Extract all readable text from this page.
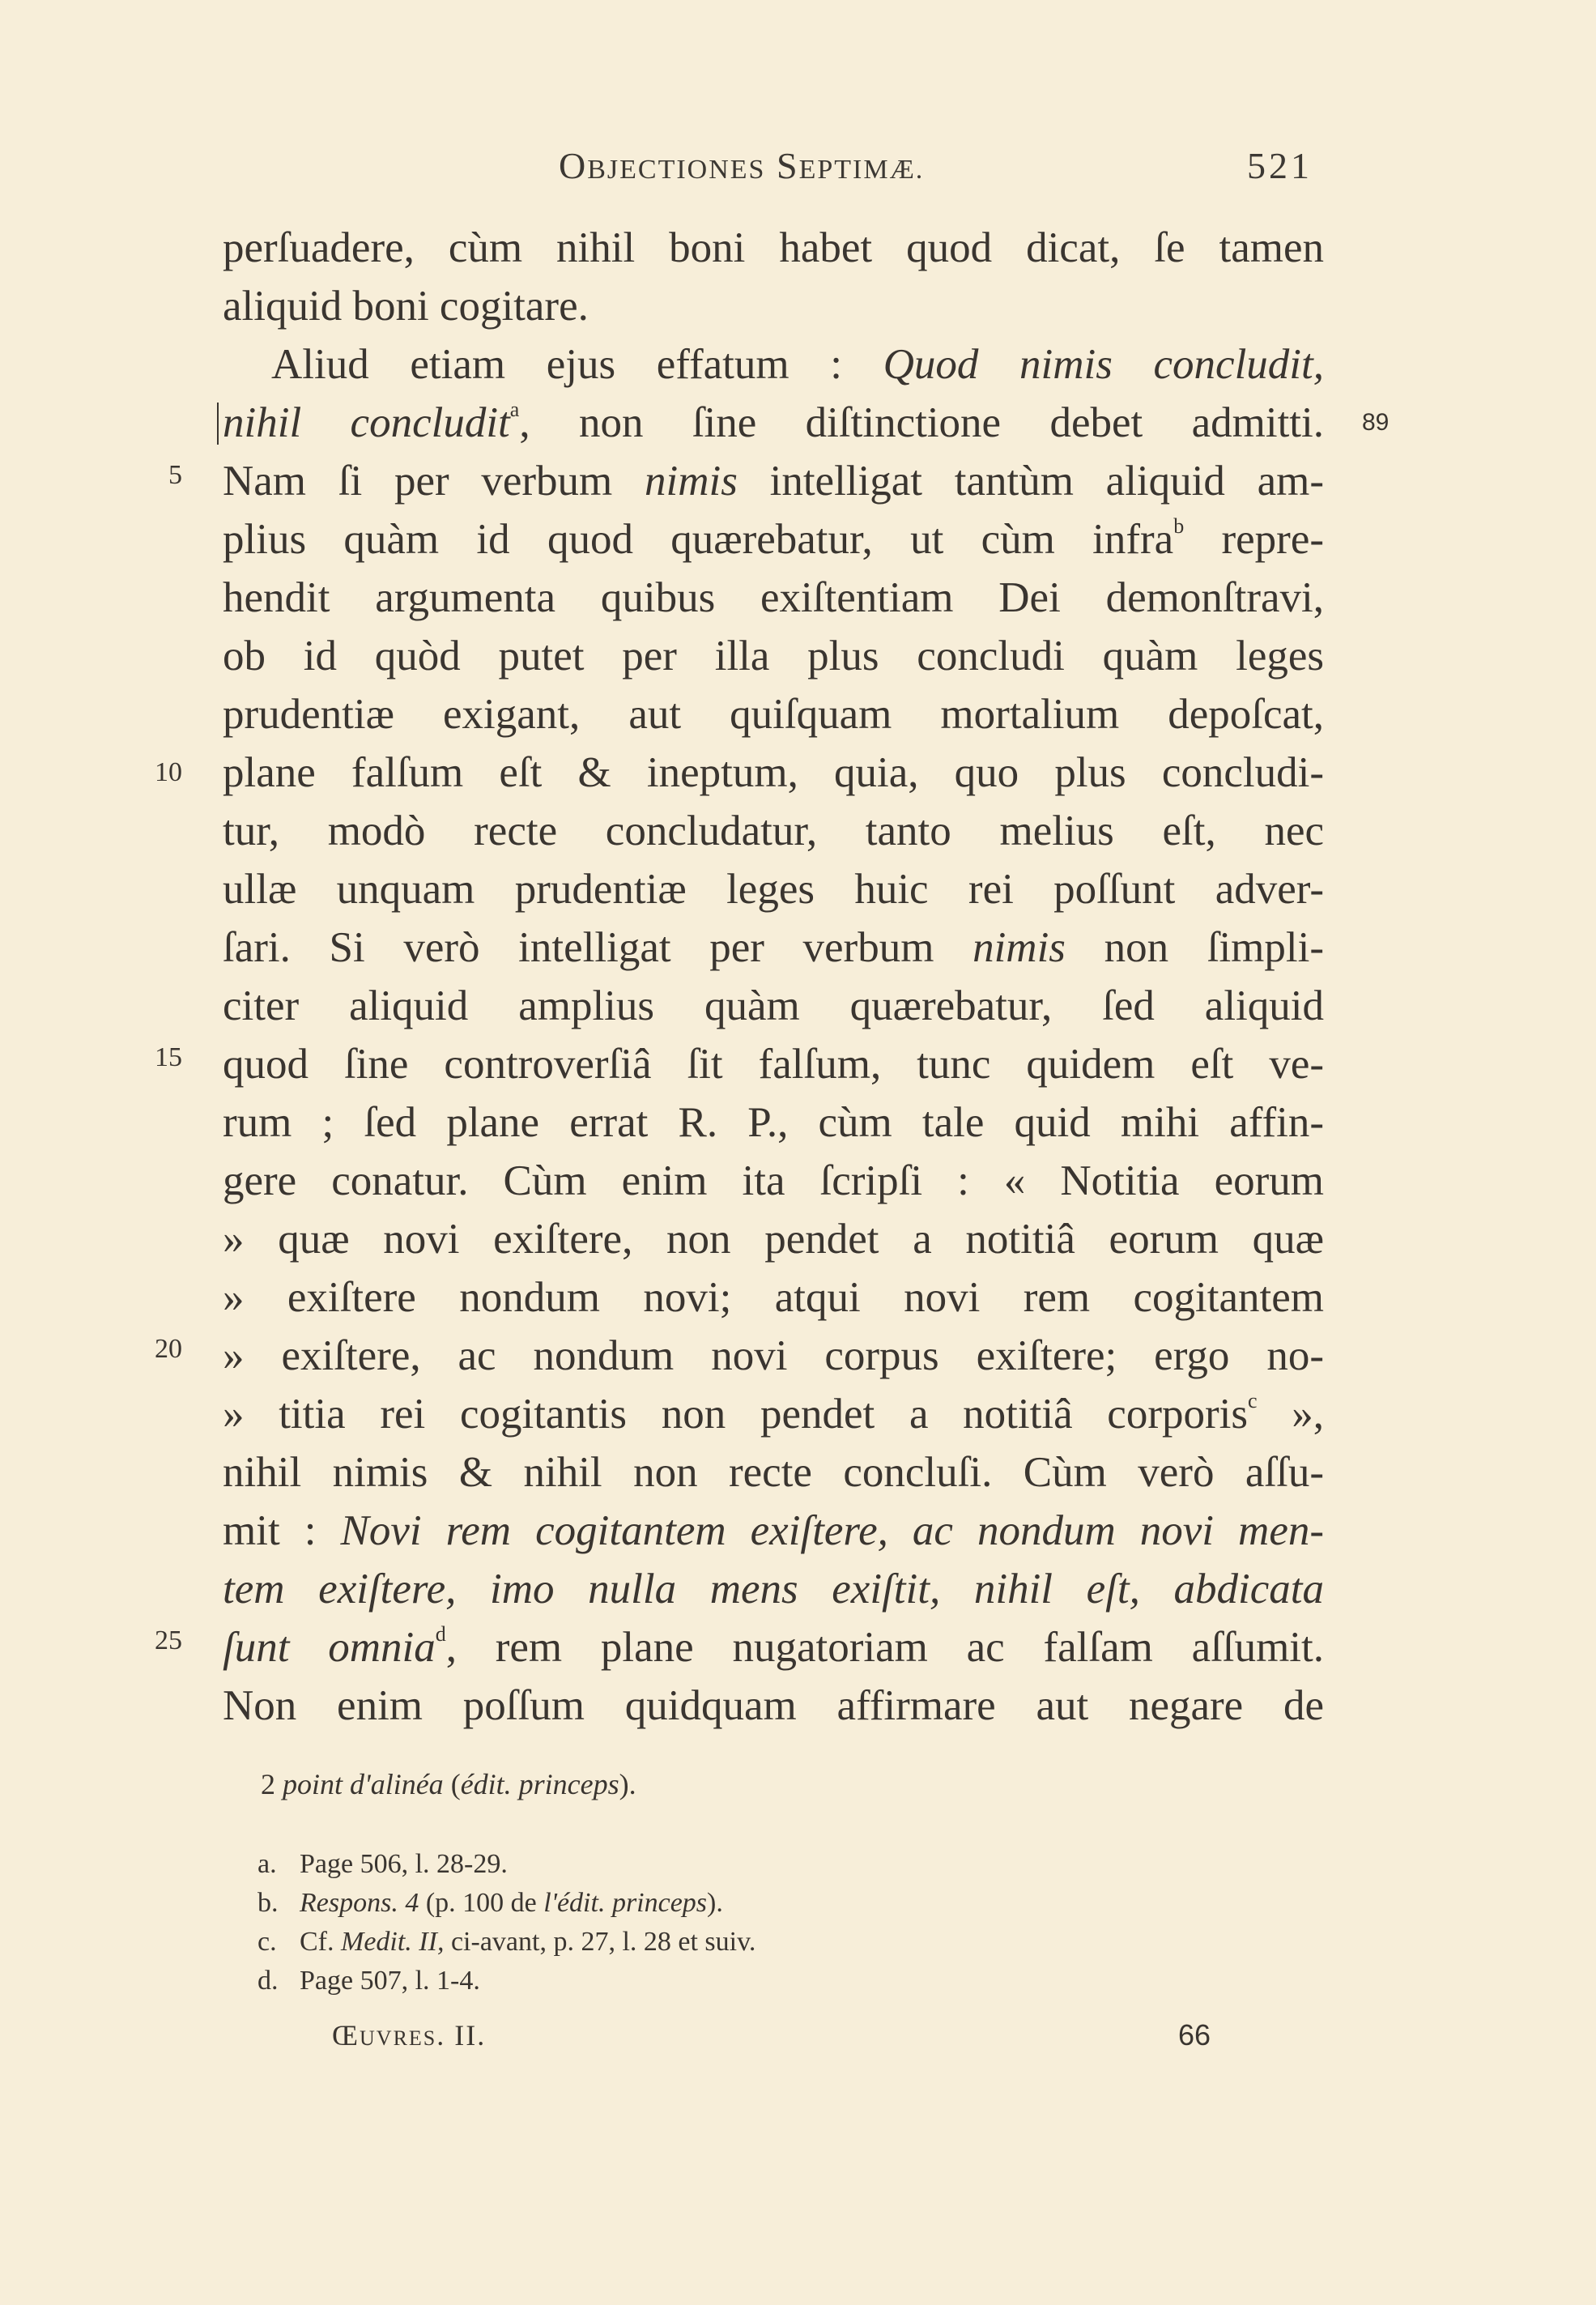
OBJECTIONES SEPTIMÆ.	521
perſuadere, cùm nihil boni habet quod dicat, ſe tamen
aliquid boni cogitare.
Aliud etiam ejus effatum : Quod nimis concludit,
nihil concludit$^a$, non ſine diſtinctione debet admitti.
Nam ſi per verbum nimis intelligat tantùm aliquid am-
plius quàm id quod quærebatur, ut cùm infra$^b$ repre-
hendit argumenta quibus exiſtentiam Dei demonſtravi,
ob id quòd putet per illa plus concludi quàm leges
prudentiæ exigant, aut quiſquam mortalium depoſcat,
plane falſum eſt & ineptum, quia, quo plus concludi-
tur, modò recte concludatur, tanto melius eſt, nec
ullæ unquam prudentiæ leges huic rei poſſunt adver-
ſari. Si verò intelligat per verbum nimis non ſimpli-
citer aliquid amplius quàm quærebatur, ſed aliquid
quod ſine controverſiâ ſit falſum, tunc quidem eſt ve-
rum ; ſed plane errat R. P., cùm tale quid mihi affin-
gere conatur. Cùm enim ita ſcripſi : « Notitia eorum
» quæ novi exiſtere, non pendet a notitiâ eorum quæ
» exiſtere nondum novi; atqui novi rem cogitantem
» exiſtere, ac nondum novi corpus exiſtere; ergo no-
» titia rei cogitantis non pendet a notitiâ corporis$^c$ »,
nihil nimis & nihil non recte concluſi. Cùm verò aſſu-
mit : Novi rem cogitantem exiſtere, ac nondum novi men-
tem exiſtere, imo nulla mens exiſtit, nihil eſt, abdicata
ſunt omnia$^d$, rem plane nugatoriam ac falſam aſſumit.
Non enim poſſum quidquam affirmare aut negare de
89
5
10
15
20
25
2 point d'alinéa (édit. princeps).
a. Page 506, l. 28-29.
b. Respons. 4 (p. 100 de l'édit. princeps).
c. Cf. Medit. II, ci-avant, p. 27, l. 28 et suiv.
d. Page 507, l. 1-4.
ŒUVRES. II.	66
